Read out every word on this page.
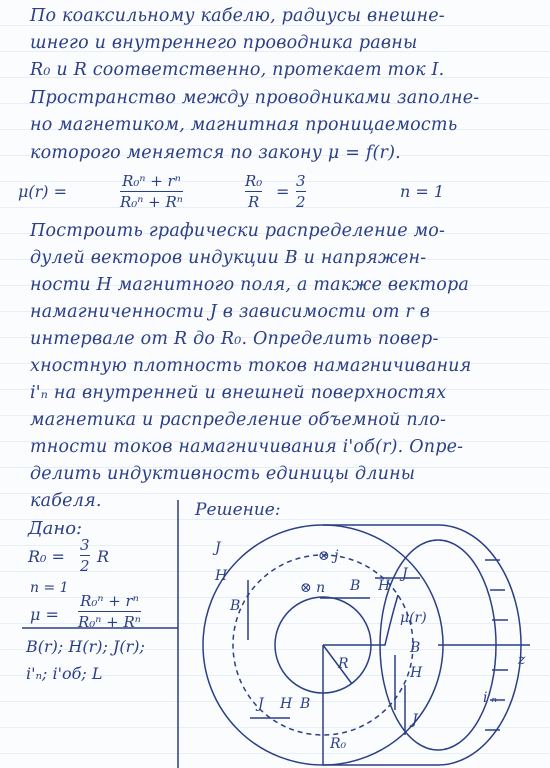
По коаксильному кабелю, радиусы внешне-
шнего и внутреннего проводника равны
R₀ и R соответственно, протекает ток I.
Пространство между проводниками заполне-
но магнетиком, магнитная проницаемость
которого меняется по закону μ = f(r).
μ(r) =
R₀ⁿ + rⁿ
R₀ⁿ + Rⁿ
R₀
R
=
3
2
n = 1
Построить графически распределение мо-
дулей векторов индукции B и напряжен-
ности H магнитного поля, а также вектора
намагниченности J в зависимости от r в
интервале от R до R₀. Определить повер-
хностную плотность токов намагничивания
i'ₙ на внутренней и внешней поверхностях
магнетика и распределение объемной пло-
тности токов намагничивания i'об(r). Опре-
делить индуктивность единицы длины
кабеля.
Дано:
R₀ =
3
2 R
n = 1
μ =
R₀ⁿ + rⁿ
R₀ⁿ + Rⁿ
B(r); H(r); J(r);
i'ₙ; i'об; L
Решение:
J
H
B
⊗ j
⊗ n B H
J
μ(r)
R
B
H
J H B
J
R₀
z
i'ₙ
